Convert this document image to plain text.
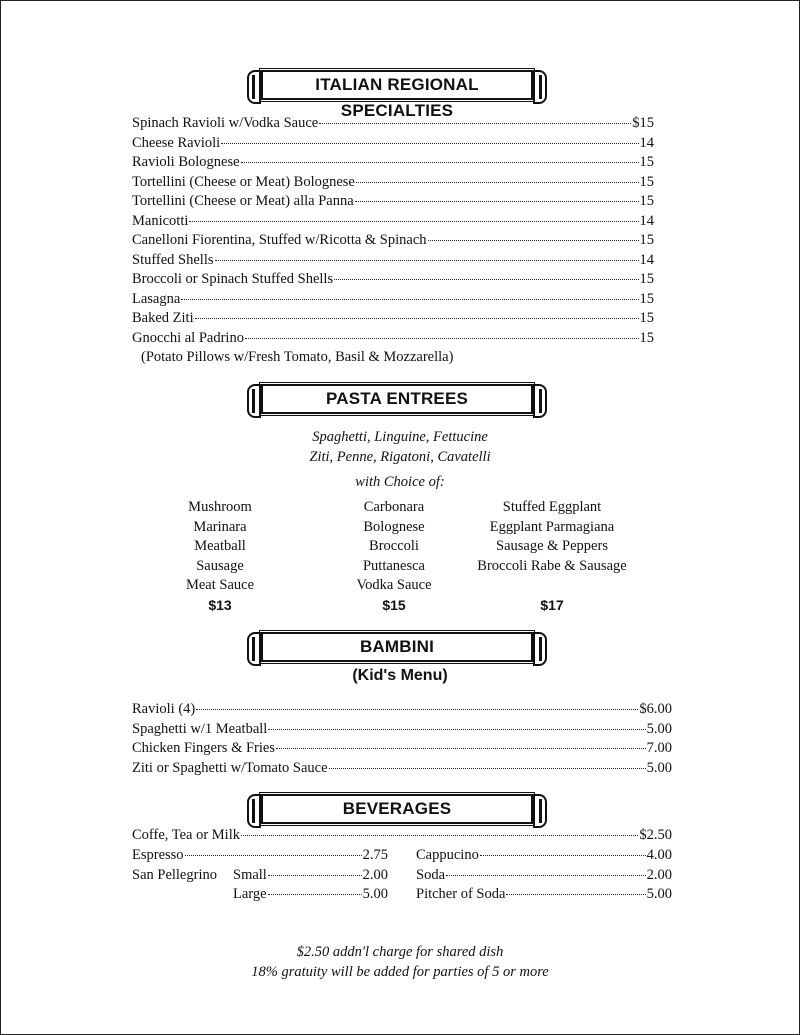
ITALIAN REGIONAL SPECIALTIES
Spinach Ravioli w/Vodka Sauce	$15
Cheese Ravioli	14
Ravioli Bolognese	15
Tortellini (Cheese or Meat) Bolognese	15
Tortellini (Cheese or Meat) alla Panna	15
Manicotti	14
Canelloni Fiorentina, Stuffed w/Ricotta & Spinach	15
Stuffed Shells	14
Broccoli or Spinach Stuffed Shells	15
Lasagna	15
Baked Ziti	15
Gnocchi al Padrino	15
(Potato Pillows w/Fresh Tomato, Basil & Mozzarella)
PASTA ENTREES
Spaghetti, Linguine, Fettucine
Ziti, Penne, Rigatoni, Cavatelli
with Choice of:
Mushroom
Marinara
Meatball
Sausage
Meat Sauce
$13
Carbonara
Bolognese
Broccoli
Puttanesca
Vodka Sauce
$15
Stuffed Eggplant
Eggplant Parmagiana
Sausage & Peppers
Broccoli Rabe & Sausage
$17
BAMBINI
(Kid's Menu)
Ravioli (4)	$6.00
Spaghetti w/1 Meatball	5.00
Chicken Fingers & Fries	7.00
Ziti or Spaghetti w/Tomato Sauce	5.00
BEVERAGES
Coffe, Tea or Milk	$2.50
Espresso	2.75 Cappucino	4.00
San Pellegrino Small	2.00 Soda	2.00
Large	5.00 Pitcher of Soda	5.00
$2.50 addn'l charge for shared dish
18% gratuity will be added for parties of 5 or more
